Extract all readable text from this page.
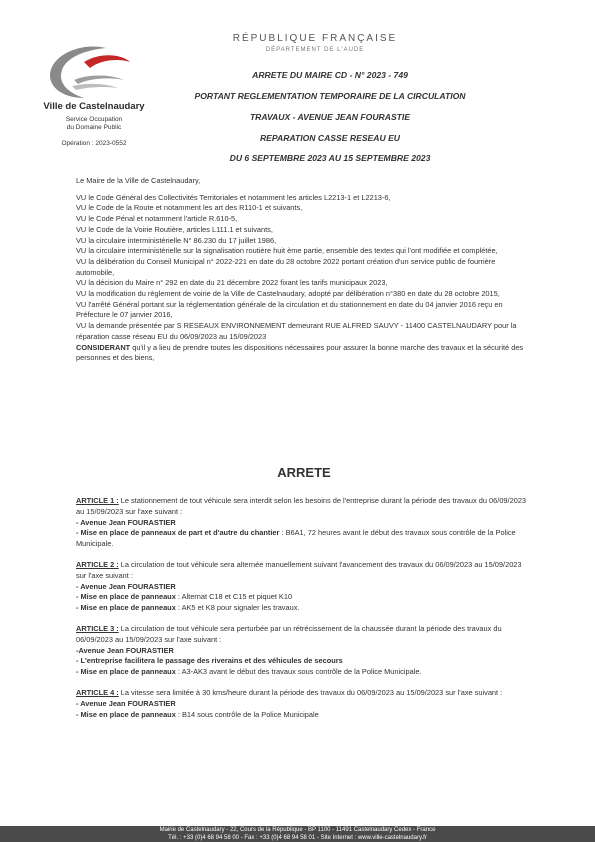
Ville de Castelnaudary
Service Occupation
du Domaine Public
Opération : 2023-0552
RÉPUBLIQUE FRANÇAISE
DÉPARTEMENT DE L'AUDE
ARRETE DU MAIRE CD - N° 2023 - 749
PORTANT REGLEMENTATION TEMPORAIRE DE LA CIRCULATION
TRAVAUX - AVENUE JEAN FOURASTIE
REPARATION CASSE RESEAU EU
DU 6 SEPTEMBRE 2023 AU 15 SEPTEMBRE 2023

Le Maire de la Ville de Castelnaudary,

VU le Code Général des Collectivités Territoriales et notamment les articles L2213-1 et L2213-6,

VU le Code de la Route et notamment les art des R110-1 et suivants,

VU le Code Pénal et notamment l'article R.610-5,

VU le Code de la Voirie Routière, articles L111.1 et suivants,

VU la circulaire interministérielle N° 86.230 du 17 juillet 1986,

VU la circulaire interministérielle sur la signalisation routière huit ème partie, ensemble des textes qui l'ont modifiée et complétée,

VU la délibération du Conseil Municipal n° 2022-221 en date du 28 octobre 2022 portant création d'un service public de fourrière automobile,

VU la décision du Maire n° 292 en date du 21 décembre 2022 fixant les tarifs municipaux 2023,

VU la modification du règlement de voirie de la Ville de Castelnaudary, adopté par délibération n°380 en date du 28 octobre 2015,

VU l'arrêté Général portant sur la réglementation générale de la circulation et du stationnement en date du 04 janvier 2016 reçu en Préfecture le 07 janvier 2016,

VU la demande présentée par S RESEAUX ENVIRONNEMENT demeurant RUE ALFRED SAUVY - 11400 CASTELNAUDARY pour la réparation casse réseau EU du 06/09/2023 au 15/09/2023

CONSIDERANT qu'il y a lieu de prendre toutes les dispositions nécessaires pour assurer la bonne marche des travaux et la sécurité des personnes et des biens,

ARRETE

ARTICLE 1 : Le stationnement de tout véhicule sera interdit selon les besoins de l'entreprise durant la période des travaux du 06/09/2023 au 15/09/2023 sur l'axe suivant :

- Avenue Jean FOURASTIER

- Mise en place de panneaux de part et d'autre du chantier : B6A1, 72 heures avant le début des travaux sous contrôle de la Police Municipale.

ARTICLE 2 : La circulation de tout véhicule sera alternée manuellement suivant l'avancement des travaux du 06/09/2023 au 15/09/2023 sur l'axe suivant :

- Avenue Jean FOURASTIER

- Mise en place de panneaux : Alternat C18 et C15 et piquet K10

- Mise en place de panneaux : AK5 et K8 pour signaler les travaux.

ARTICLE 3 : La circulation de tout véhicule sera perturbée par un rétrécissement de la chaussée durant la période des travaux du 06/09/2023 au 15/09/2023 sur l'axe suivant :

-Avenue Jean FOURASTIER

- L'entreprise facilitera le passage des riverains et des véhicules de secours

- Mise en place de panneaux : A3-AK3 avant le début des travaux sous contrôle de la Police Municipale.

ARTICLE 4 : La vitesse sera limitée à 30 kms/heure durant la période des travaux du 06/09/2023 au 15/09/2023 sur l'axe suivant :

- Avenue Jean FOURASTIER

- Mise en place de panneaux : B14 sous contrôle de la Police Municipale

Mairie de Castelnaudary - 22, Cours de la République - BP 1100 - 11491 Castelnaudary Cedex - France
Tél. : +33 (0)4 68 94 58 00 - Fax : +33 (0)4 68 94 58 01 - Site Internet : www.ville-castelnaudary.fr
